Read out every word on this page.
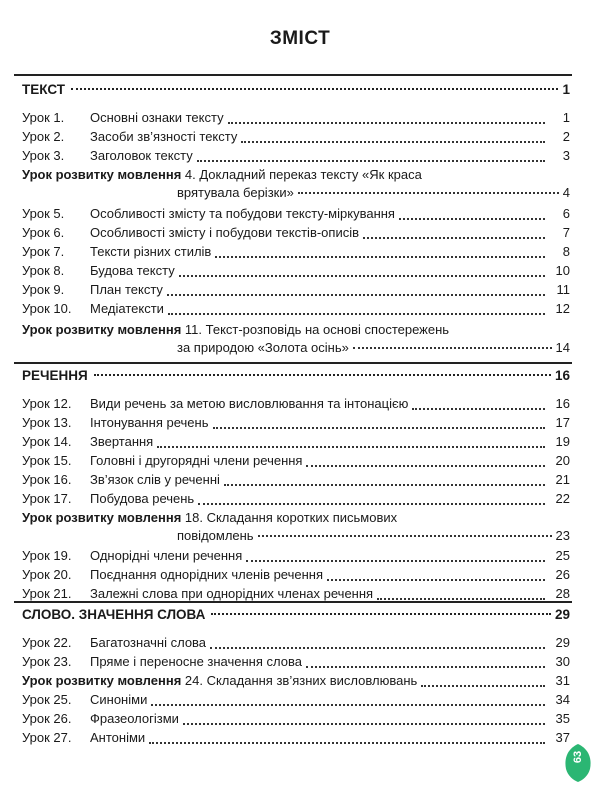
ЗМІСТ
ТЕКСТ	1
Урок 1. Основні ознаки тексту	1
Урок 2. Засоби зв’язності тексту	2
Урок 3. Заголовок тексту	3
Урок розвитку мовлення 4. Докладний переказ тексту «Як краса
врятувала берізки»	4
Урок 5. Особливості змісту та побудови тексту-міркування	6
Урок 6. Особливості змісту і побудови текстів-описів	7
Урок 7. Тексти різних стилів	8
Урок 8. Будова тексту	10
Урок 9. План тексту	11
Урок 10. Медіатексти	12
Урок розвитку мовлення 11. Текст-розповідь на основі спостережень
за природою «Золота осінь»	14
РЕЧЕННЯ	16
Урок 12. Види речень за метою висловлювання та інтонацією	16
Урок 13. Інтонування речень	17
Урок 14. Звертання	19
Урок 15. Головні і другорядні члени речення	20
Урок 16. Зв’язок слів у реченні	21
Урок 17. Побудова речень	22
Урок розвитку мовлення 18. Складання коротких письмових
повідомлень	23
Урок 19. Однорідні члени речення	25
Урок 20. Поєднання однорідних членів речення	26
Урок 21. Залежні слова при однорідних членах речення	28
СЛОВО. ЗНАЧЕННЯ СЛОВА	29
Урок 22. Багатозначні слова	29
Урок 23. Пряме і переносне значення слова	30
Урок розвитку мовлення 24. Складання зв’язних висловлювань	31
Урок 25. Синоніми	34
Урок 26. Фразеологізми	35
Урок 27. Антоніми	37
63
